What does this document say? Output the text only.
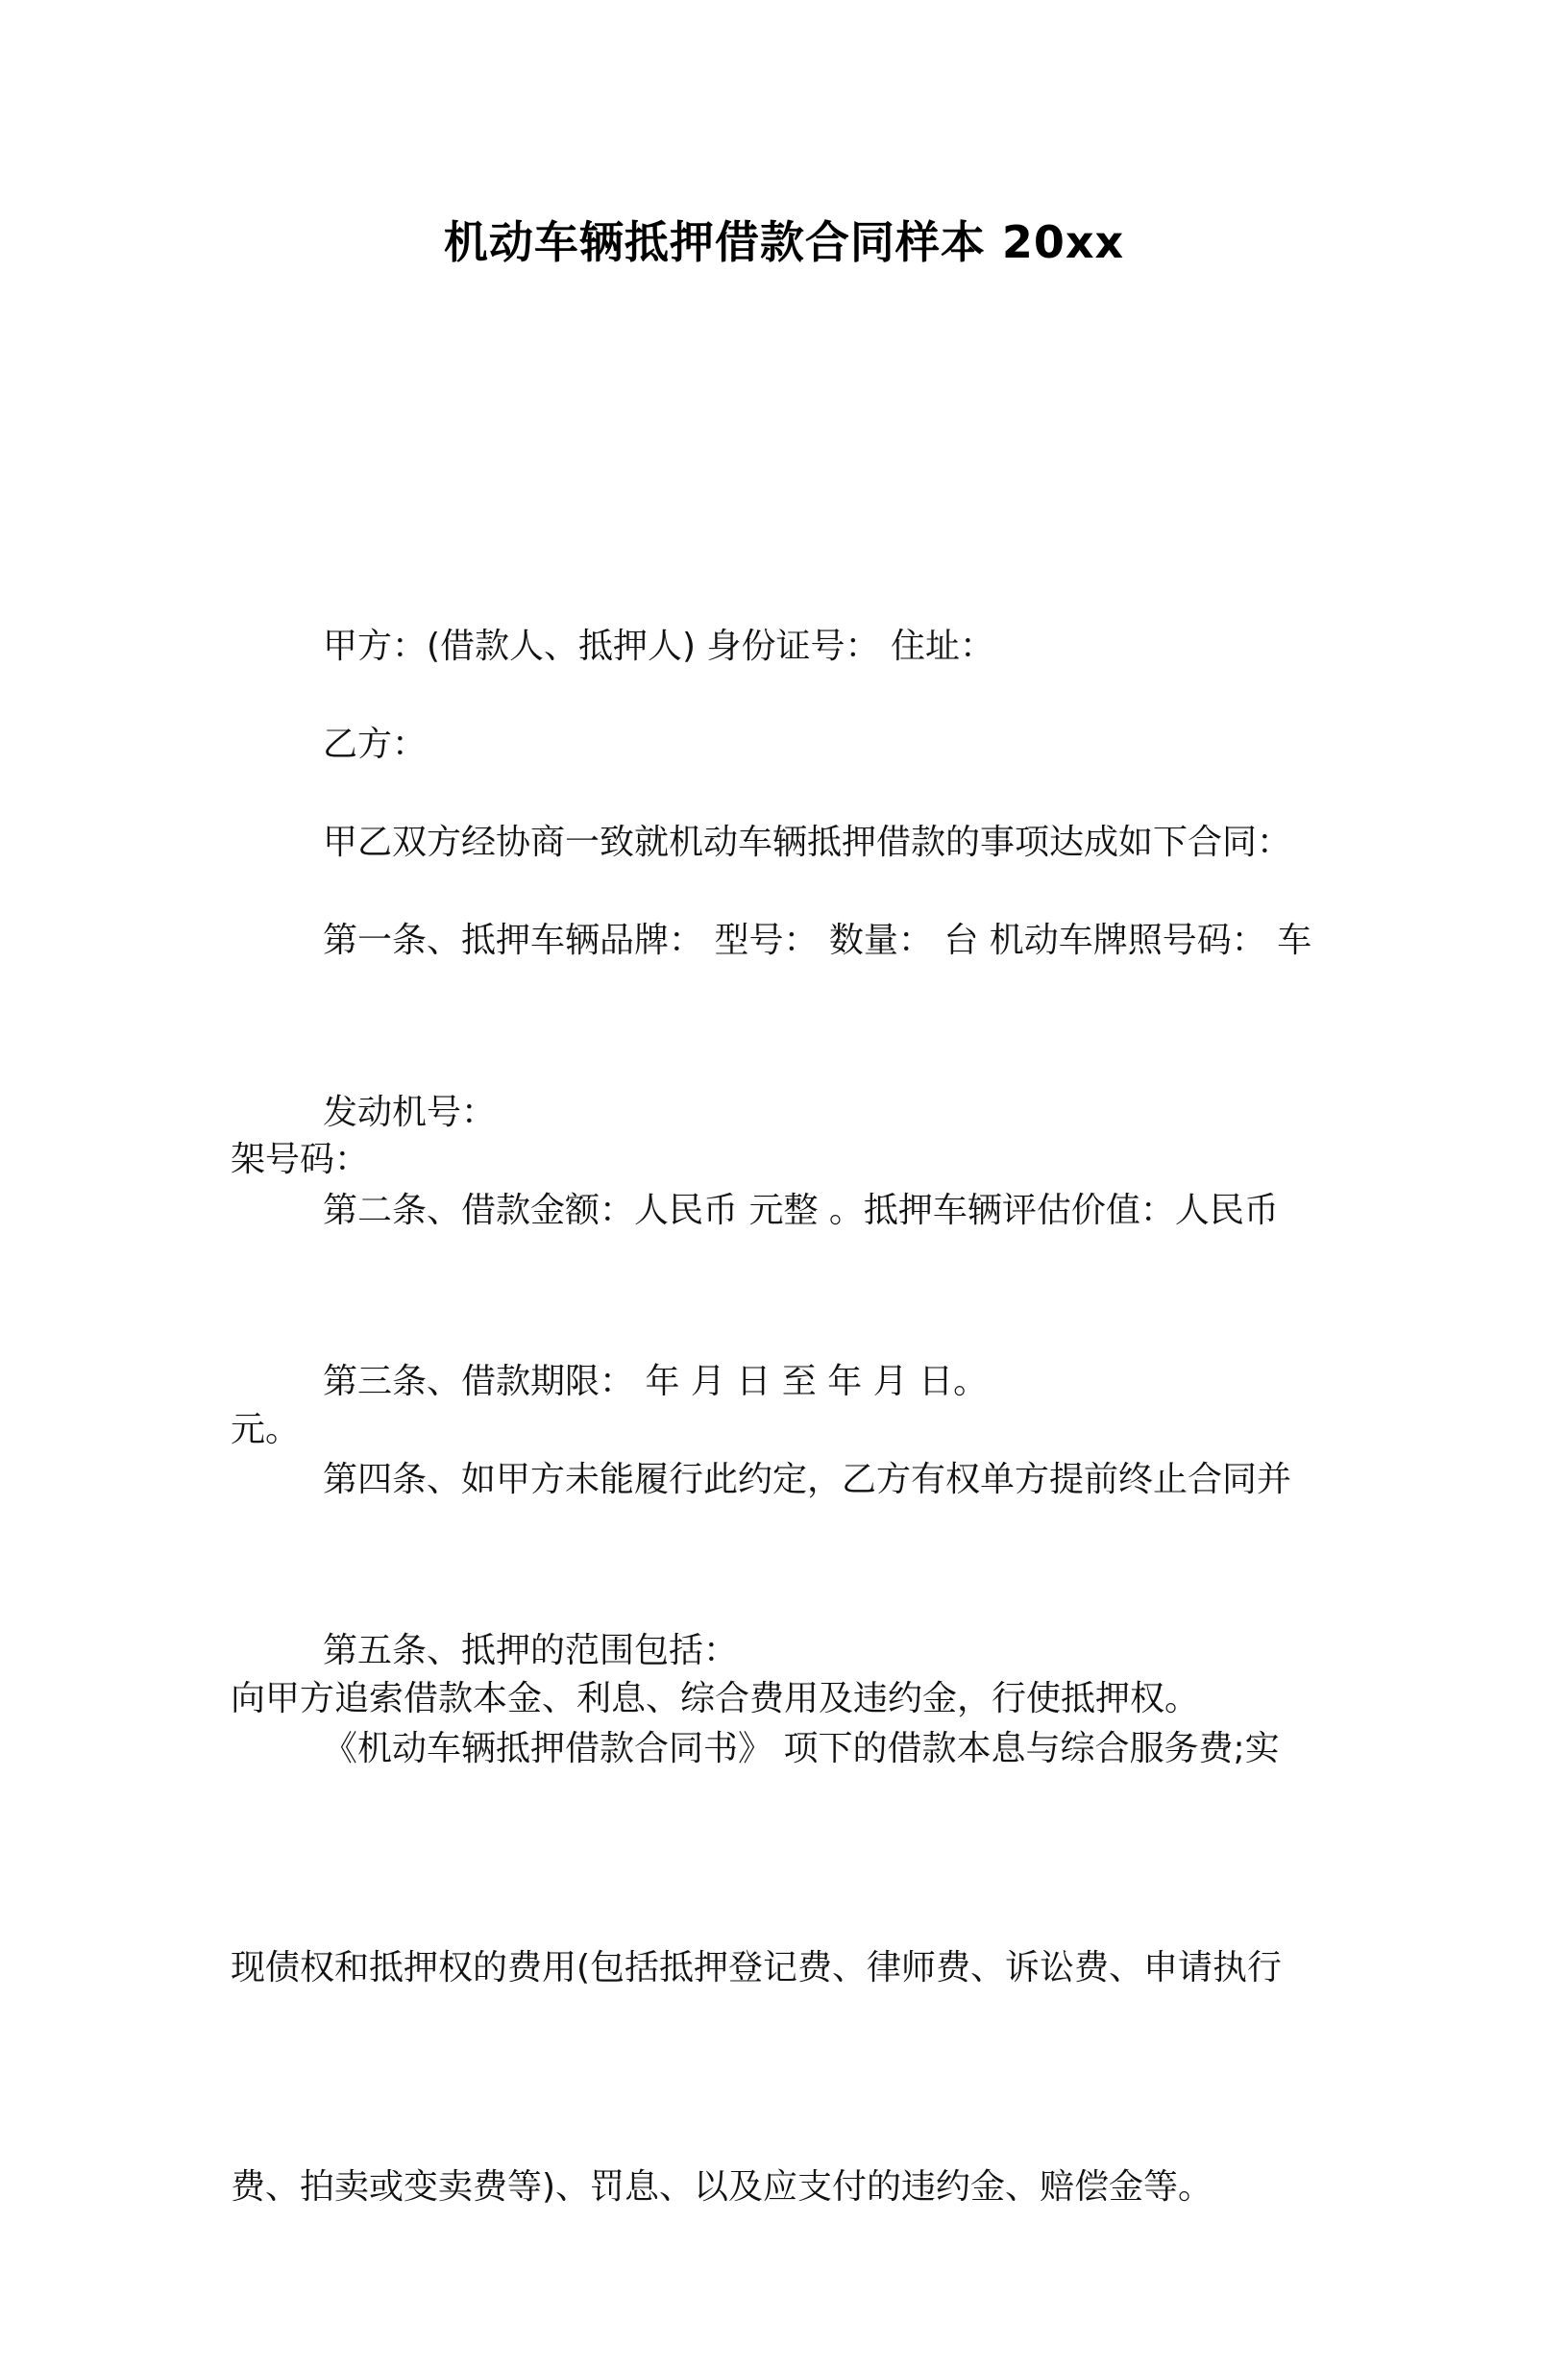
机动车辆抵押借款合同样本 20xx

甲方：(借款人、抵押人) 身份证号： 住址：

乙方：

甲乙双方经协商一致就机动车辆抵押借款的事项达成如下合同：

第一条、抵押车辆品牌： 型号： 数量： 台 机动车牌照号码： 车

架号码：

发动机号：

第二条、借款金额：人民币 元整 。抵押车辆评估价值：人民币

元。

第三条、借款期限： 年 月 日 至 年 月 日。

第四条、如甲方未能履行此约定，乙方有权单方提前终止合同并

向甲方追索借款本金、利息、综合费用及违约金，行使抵押权。

第五条、抵押的范围包括：

《机动车辆抵押借款合同书》 项下的借款本息与综合服务费;实

现债权和抵押权的费用(包括抵押登记费、律师费、诉讼费、申请执行

费、拍卖或变卖费等)、罚息、以及应支付的违约金、赔偿金等。
